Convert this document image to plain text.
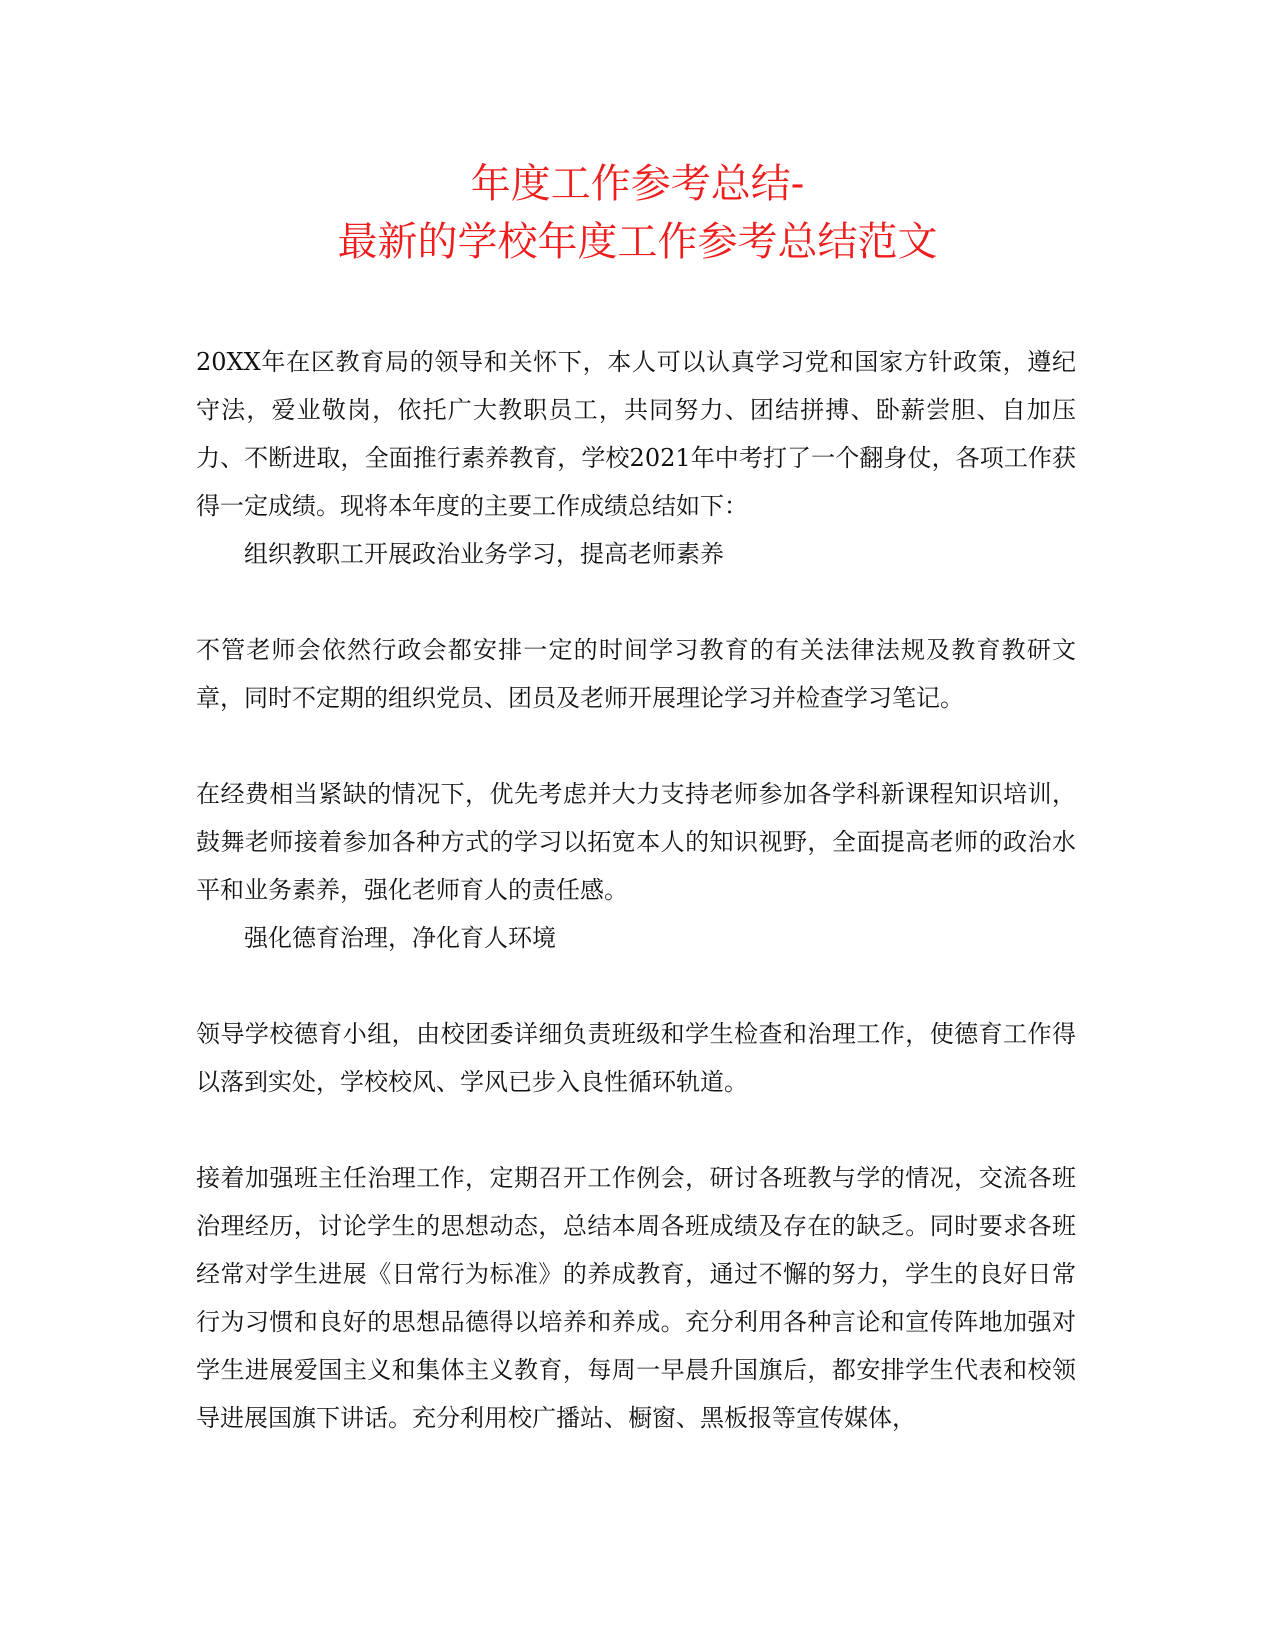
年度工作参考总结-
最新的学校年度工作参考总结范文

20XX年在区教育局的领导和关怀下，本人可以认真学习党和国家方针政策，遵纪守法，爱业敬岗，依托广大教职员工，共同努力、团结拼搏、卧薪尝胆、自加压力、不断进取，全面推行素养教育，学校2021年中考打了一个翻身仗，各项工作获得一定成绩。现将本年度的主要工作成绩总结如下：

组织教职工开展政治业务学习，提高老师素养

不管老师会依然行政会都安排一定的时间学习教育的有关法律法规及教育教研文章，同时不定期的组织党员、团员及老师开展理论学习并检查学习笔记。

在经费相当紧缺的情况下，优先考虑并大力支持老师参加各学科新课程知识培训，鼓舞老师接着参加各种方式的学习以拓宽本人的知识视野，全面提高老师的政治水平和业务素养，强化老师育人的责任感。

强化德育治理，净化育人环境

领导学校德育小组，由校团委详细负责班级和学生检查和治理工作，使德育工作得以落到实处，学校校风、学风已步入良性循环轨道。

接着加强班主任治理工作，定期召开工作例会，研讨各班教与学的情况，交流各班治理经历，讨论学生的思想动态，总结本周各班成绩及存在的缺乏。同时要求各班经常对学生进展《日常行为标准》的养成教育，通过不懈的努力，学生的良好日常行为习惯和良好的思想品德得以培养和养成。充分利用各种言论和宣传阵地加强对学生进展爱国主义和集体主义教育，每周一早晨升国旗后，都安排学生代表和校领导进展国旗下讲话。充分利用校广播站、橱窗、黑板报等宣传媒体，
